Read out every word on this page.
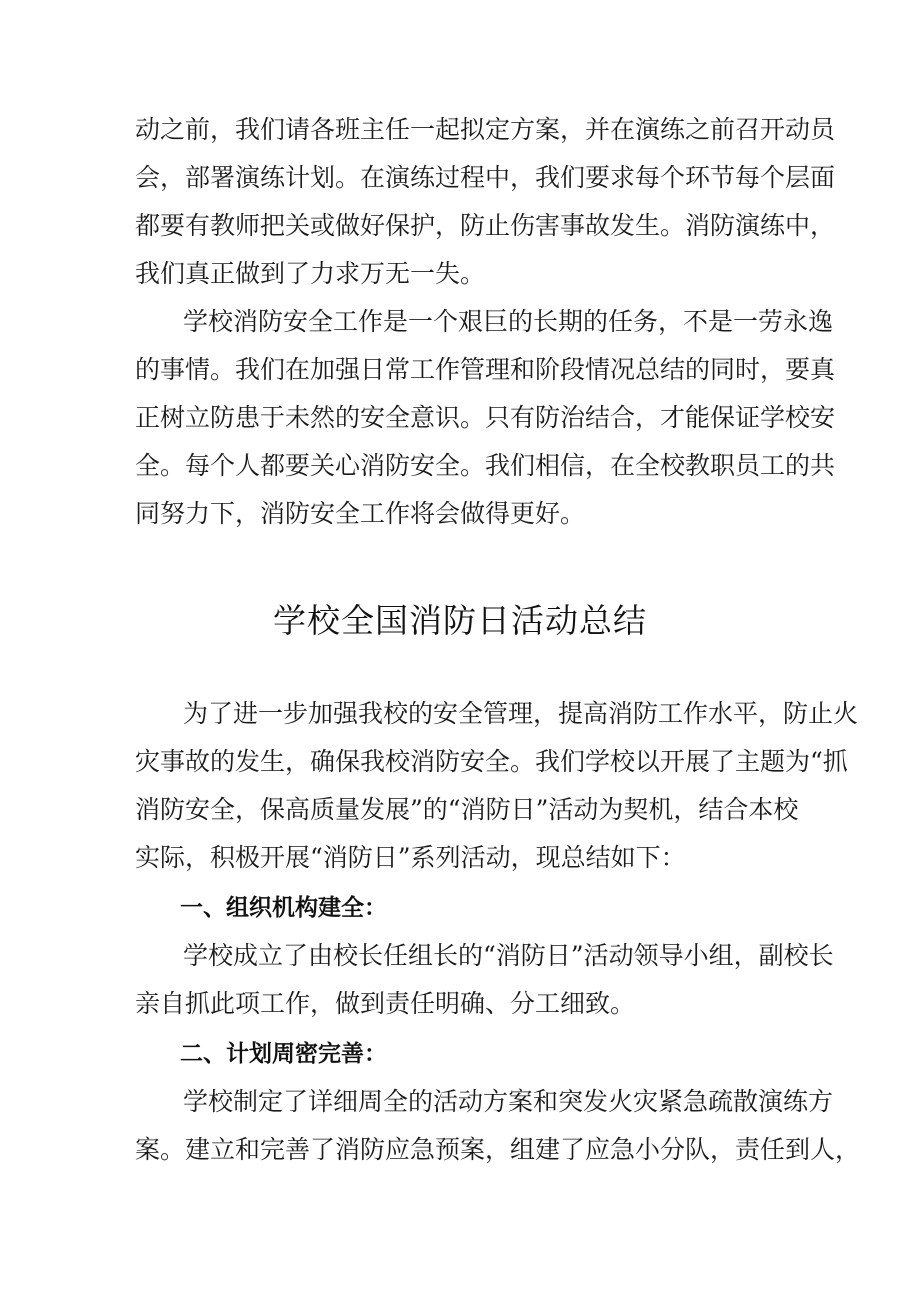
动之前，我们请各班主任一起拟定方案，并在演练之前召开动员
会，部署演练计划。在演练过程中，我们要求每个环节每个层面
都要有教师把关或做好保护，防止伤害事故发生。消防演练中，
我们真正做到了力求万无一失。
学校消防安全工作是一个艰巨的长期的任务，不是一劳永逸
的事情。我们在加强日常工作管理和阶段情况总结的同时，要真
正树立防患于未然的安全意识。只有防治结合，才能保证学校安
全。每个人都要关心消防安全。我们相信，在全校教职员工的共
同努力下，消防安全工作将会做得更好。
学校全国消防日活动总结
为了进一步加强我校的安全管理，提高消防工作水平，防止火
灾事故的发生，确保我校消防安全。我们学校以开展了主题为“抓
消防安全，保高质量发展”的“消防日”活动为契机，结合本校
实际，积极开展“消防日”系列活动，现总结如下：
一、组织机构建全：
学校成立了由校长任组长的“消防日”活动领导小组，副校长
亲自抓此项工作，做到责任明确、分工细致。
二、计划周密完善：
学校制定了详细周全的活动方案和突发火灾紧急疏散演练方
案。建立和完善了消防应急预案，组建了应急小分队，责任到人，
